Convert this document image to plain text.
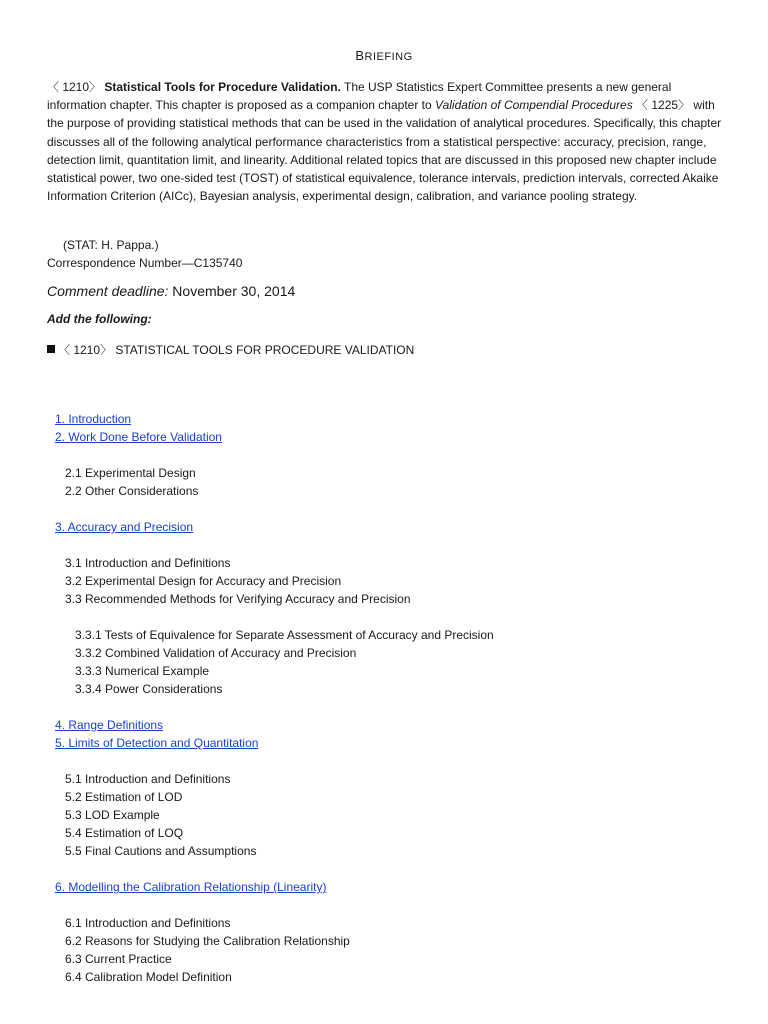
BRIEFING
〈 1210〉 Statistical Tools for Procedure Validation. The USP Statistics Expert Committee presents a new general information chapter. This chapter is proposed as a companion chapter to Validation of Compendial Procedures 〈 1225〉 with the purpose of providing statistical methods that can be used in the validation of analytical procedures. Specifically, this chapter discusses all of the following analytical performance characteristics from a statistical perspective: accuracy, precision, range, detection limit, quantitation limit, and linearity. Additional related topics that are discussed in this proposed new chapter include statistical power, two one-sided test (TOST) of statistical equivalence, tolerance intervals, prediction intervals, corrected Akaike Information Criterion (AICc), Bayesian analysis, experimental design, calibration, and variance pooling strategy.
(STAT: H. Pappa.)
Correspondence Number—C135740
Comment deadline: November 30, 2014
Add the following:
〈 1210〉 STATISTICAL TOOLS FOR PROCEDURE VALIDATION
1. Introduction
2. Work Done Before Validation
2.1 Experimental Design
2.2 Other Considerations
3. Accuracy and Precision
3.1 Introduction and Definitions
3.2 Experimental Design for Accuracy and Precision
3.3 Recommended Methods for Verifying Accuracy and Precision
3.3.1 Tests of Equivalence for Separate Assessment of Accuracy and Precision
3.3.2 Combined Validation of Accuracy and Precision
3.3.3 Numerical Example
3.3.4 Power Considerations
4. Range Definitions
5. Limits of Detection and Quantitation
5.1 Introduction and Definitions
5.2 Estimation of LOD
5.3 LOD Example
5.4 Estimation of LOQ
5.5 Final Cautions and Assumptions
6. Modelling the Calibration Relationship (Linearity)
6.1 Introduction and Definitions
6.2 Reasons for Studying the Calibration Relationship
6.3 Current Practice
6.4 Calibration Model Definition
